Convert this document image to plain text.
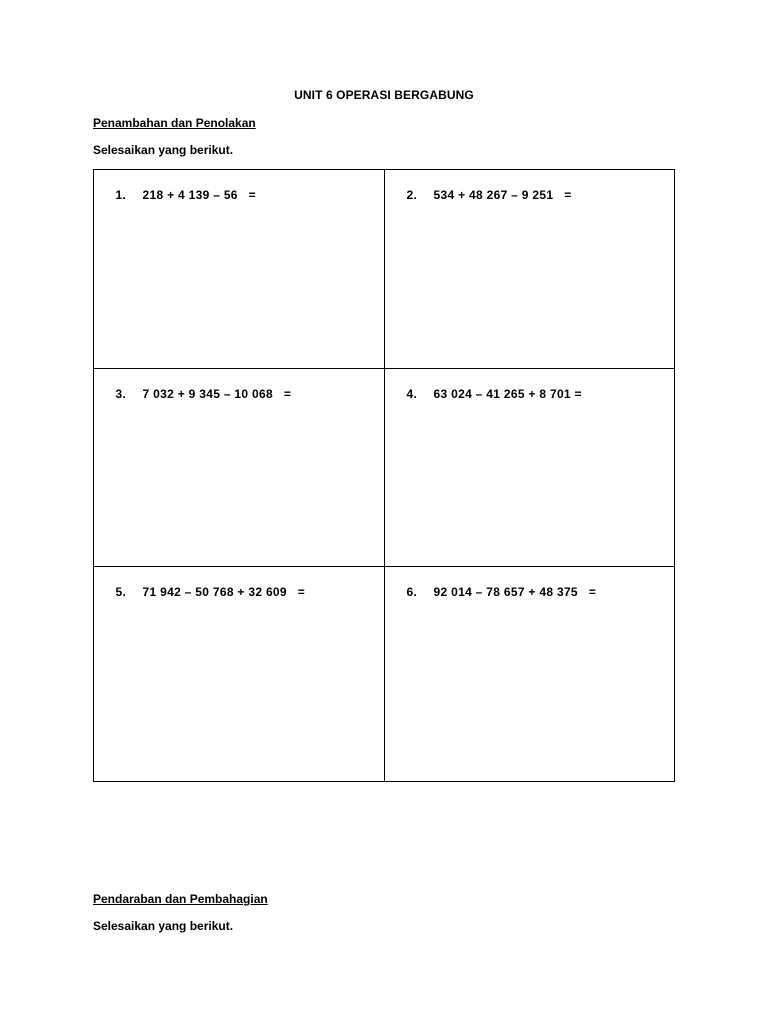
UNIT 6 OPERASI BERGABUNG
Penambahan dan Penolakan
Selesaikan yang berikut.

1. 218 + 4 139 – 56   =
	2. 534 + 48 267 – 9 251   =

3. 7 032 + 9 345 – 10 068   =
	4. 63 024 – 41 265 + 8 701 =

5. 71 942 – 50 768 + 32 609   =
	6. 92 014 – 78 657 + 48 375   =

Pendaraban dan Pembahagian
Selesaikan yang berikut.
